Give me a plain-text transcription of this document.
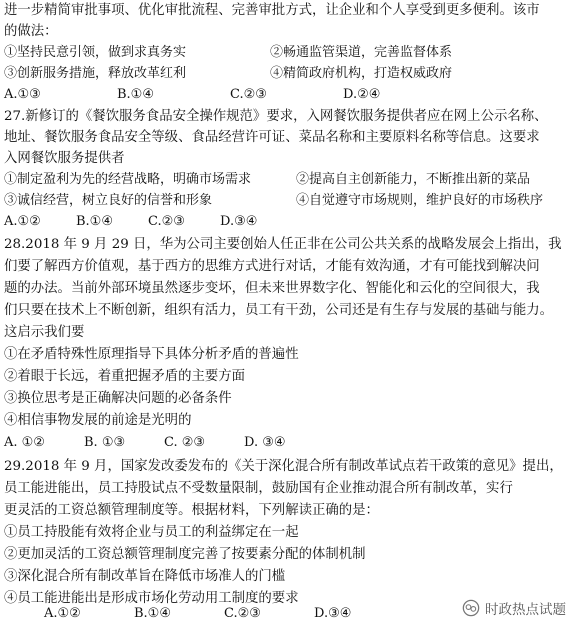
进一步精简审批事项、优化审批流程、完善审批方式，让企业和个人享受到更多便利。该市
的做法：
①坚持民意引领，做到求真务实	②畅通监管渠道，完善监督体系
③创新服务措施，释放改革红利	④精简政府机构，打造权威政府
A.①③	B.①④	C.②③	D.②④
27.新修订的《餐饮服务食品安全操作规范》要求，入网餐饮服务提供者应在网上公示名称、
地址、餐饮服务食品安全等级、食品经营许可证、菜品名称和主要原料名称等信息。这要求
入网餐饮服务提供者
①制定盈利为先的经营战略，明确市场需求	②提高自主创新能力，不断推出新的菜品
③诚信经营，树立良好的信誉和形象	④自觉遵守市场规则，维护良好的市场秩序
A.①②	B.①④	C.②③	D.③④
28.2018 年 9 月 29 日，华为公司主要创始人任正非在公司公共关系的战略发展会上指出，我
们要了解西方价值观，基于西方的思维方式进行对话，才能有效沟通，才有可能找到解决问
题的办法。当前外部环境虽然逐步变坏，但未来世界数字化、智能化和云化的空间很大，我
们只要在技术上不断创新，组织有活力，员工有干劲，公司还是有生存与发展的基础与能力。
这启示我们要
①在矛盾特殊性原理指导下具体分析矛盾的普遍性
②着眼于长远，着重把握矛盾的主要方面
③换位思考是正确解决问题的必备条件
④相信事物发展的前途是光明的
A. ①②	B. ①③	C. ②③	D. ③④
29.2018 年 9 月，国家发改委发布的《关于深化混合所有制改革试点若干政策的意见》提出，
员工能进能出，员工持股试点不受数量限制，鼓励国有企业推动混合所有制改革，实行
更灵活的工资总额管理制度等。根据材料，下列解读正确的是：
①员工持股能有效将企业与员工的利益绑定在一起
②更加灵活的工资总额管理制度完善了按要素分配的体制机制
③深化混合所有制改革旨在降低市场准人的门槛
④员工能进能出是形成市场化劳动用工制度的要求
A.①②	B.①④	C.②③	D.③④	时政热点试题
